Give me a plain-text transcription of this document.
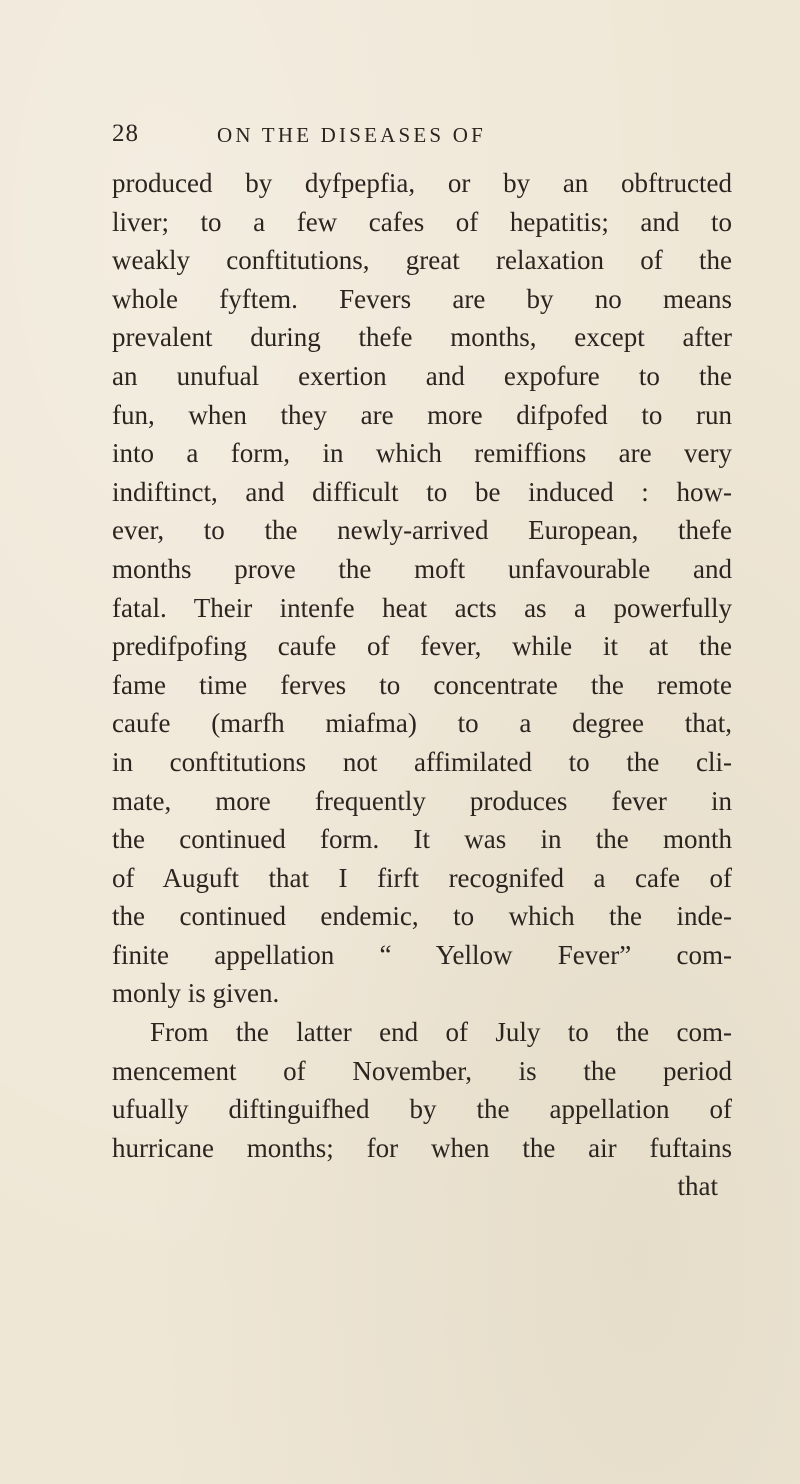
28	ON THE DISEASES OF
produced by dyfpepfia, or by an obftructed
liver; to a few cafes of hepatitis; and to
weakly conftitutions, great relaxation of the
whole fyftem. Fevers are by no means
prevalent during thefe months, except after
an unufual exertion and expofure to the
fun, when they are more difpofed to run
into a form, in which remiffions are very
indiftinct, and difficult to be induced : how-
ever, to the newly-arrived European, thefe
months prove the moft unfavourable and
fatal. Their intenfe heat acts as a powerfully
predifpofing caufe of fever, while it at the
fame time ferves to concentrate the remote
caufe (marfh miafma) to a degree that,
in conftitutions not affimilated to the cli-
mate, more frequently produces fever in
the continued form. It was in the month
of Auguft that I firft recognifed a cafe of
the continued endemic, to which the inde-
finite appellation “ Yellow Fever” com-
monly is given.
From the latter end of July to the com-
mencement of November, is the period
ufually diftinguifhed by the appellation of
hurricane months; for when the air fuftains
that
